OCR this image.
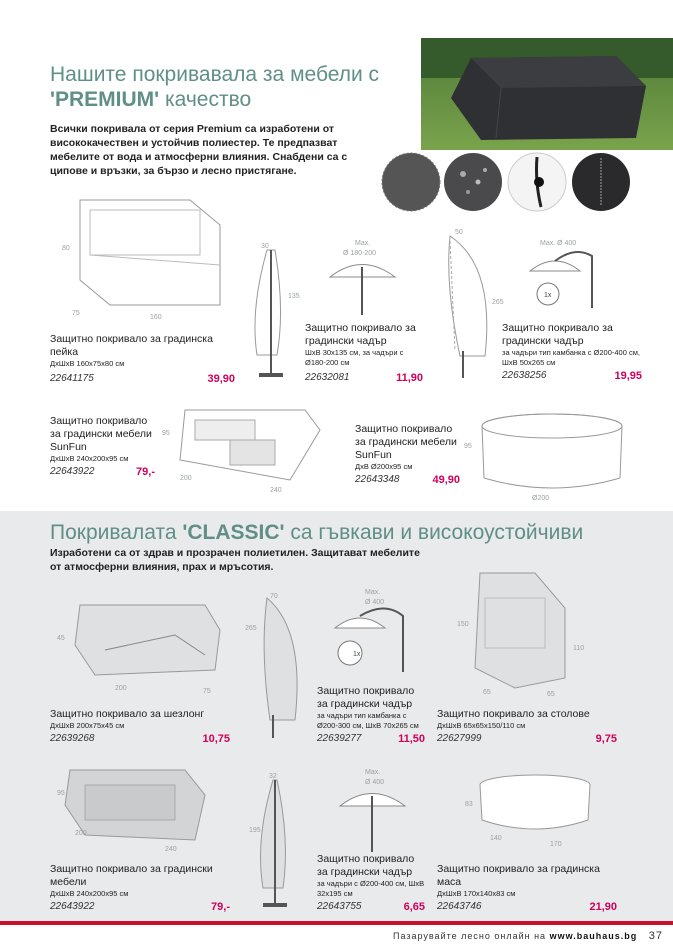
Нашите покривавала за мебели с
'PREMIUM' качество
Всички покривала от серия Premium са изработени от висококачествен и устойчив полиестер. Те предпазват мебелите от вода и атмосферни влияния. Снабдени са с ципове и връзки, за бързо и лесно пристягане.
80
75
160
Защитно покривало за градинска пейка
ДхШхВ 160х75х80 см
22641175	39,90
30
135
Max.
Ø 180-200
Защитно покривало за градински чадър
ШхВ 30х135 см, за чадъри с Ø180-200 см
22632081	11,90
50
265
Max. Ø 400
1x
Защитно покривало за градински чадър
за чадъри тип камбанка с Ø200-400 см, ШхВ 50х265 см
22638256	19,95
Защитно покривало за градински мебели SunFun
ДхШхВ 240х200х95 см
22643922	79,-
95
200
240
Защитно покривало за градински мебели SunFun
ДхВ Ø200х95 см
22643348	49,90
95
Ø200
Покривалата 'CLASSIC' са гъвкави и високоустойчиви
Изработени са от здрав и прозрачен полиетилен. Защитават мебелите от атмосферни влияния, прах и мръсотия.
45
200	75
Защитно покривало за шезлонг
ДхШхВ 200х75х45 см
22639268	10,75
70
265
Max.
Ø 400
1x
Защитно покривало за градински чадър
за чадъри тип камбанка с Ø200-300 см, ШхВ 70х265 см
22639277	11,50
150
110
65	65
Защитно покривало за столове
ДхШхВ 65х65х150/110 см
22627999	9,75
95
200
240
Защитно покривало за градински мебели
ДхШхВ 240х200х95 см
22643922	79,-
32
195
Max.
Ø 400
Защитно покривало за градински чадър
за чадъри с Ø200-400 см, ШхВ 32х195 см
22643755	6,65
83
140
170
Защитно покривало за градинска маса
ДхШхВ 170х140х83 см
22643746	21,90
Пазарувайте лесно онлайн на www.bauhaus.bg 37
